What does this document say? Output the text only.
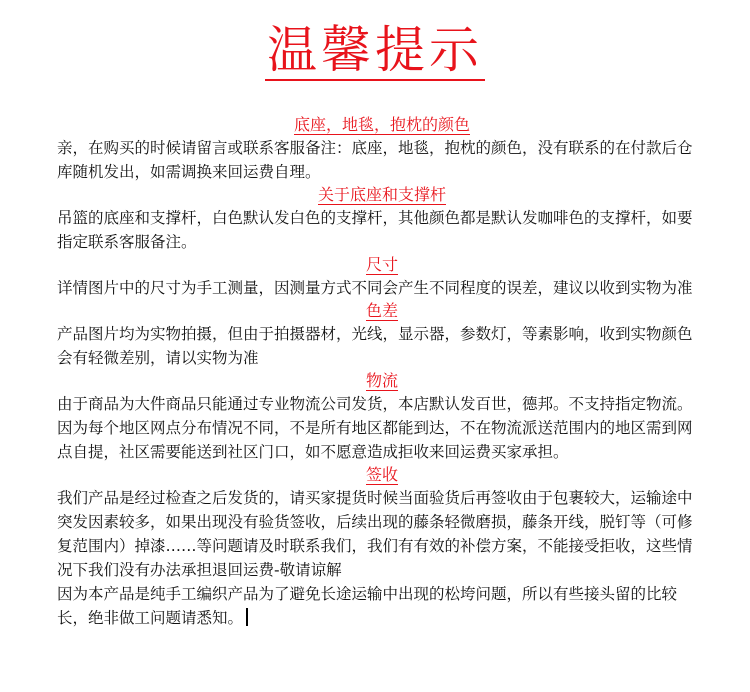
温馨提示

底座，地毯，抱枕的颜色

亲，在购买的时候请留言或联系客服备注：底座，地毯，抱枕的颜色，没有联系的在付款后仓库随机发出，如需调换来回运费自理。

关于底座和支撑杆

吊篮的底座和支撑杆，白色默认发白色的支撑杆，其他颜色都是默认发咖啡色的支撑杆，如要指定联系客服备注。

尺寸

详情图片中的尺寸为手工测量，因测量方式不同会产生不同程度的误差，建议以收到实物为准

色差

产品图片均为实物拍摄，但由于拍摄器材，光线，显示器，参数灯，等素影响，收到实物颜色会有轻微差别，请以实物为准

物流

由于商品为大件商品只能通过专业物流公司发货，本店默认发百世，德邦。不支持指定物流。因为每个地区网点分布情况不同，不是所有地区都能到达，不在物流派送范围内的地区需到网点自提，社区需要能送到社区门口，如不愿意造成拒收来回运费买家承担。

签收

我们产品是经过检查之后发货的，请买家提货时候当面验货后再签收由于包裹较大，运输途中突发因素较多，如果出现没有验货签收，后续出现的藤条轻微磨损，藤条开线，脱钉等（可修复范围内）掉漆……等问题请及时联系我们，我们有有效的补偿方案，不能接受拒收，这些情况下我们没有办法承担退回运费-敬请谅解

因为本产品是纯手工编织产品为了避免长途运输中出现的松垮问题，所以有些接头留的比较长，绝非做工问题请悉知。
